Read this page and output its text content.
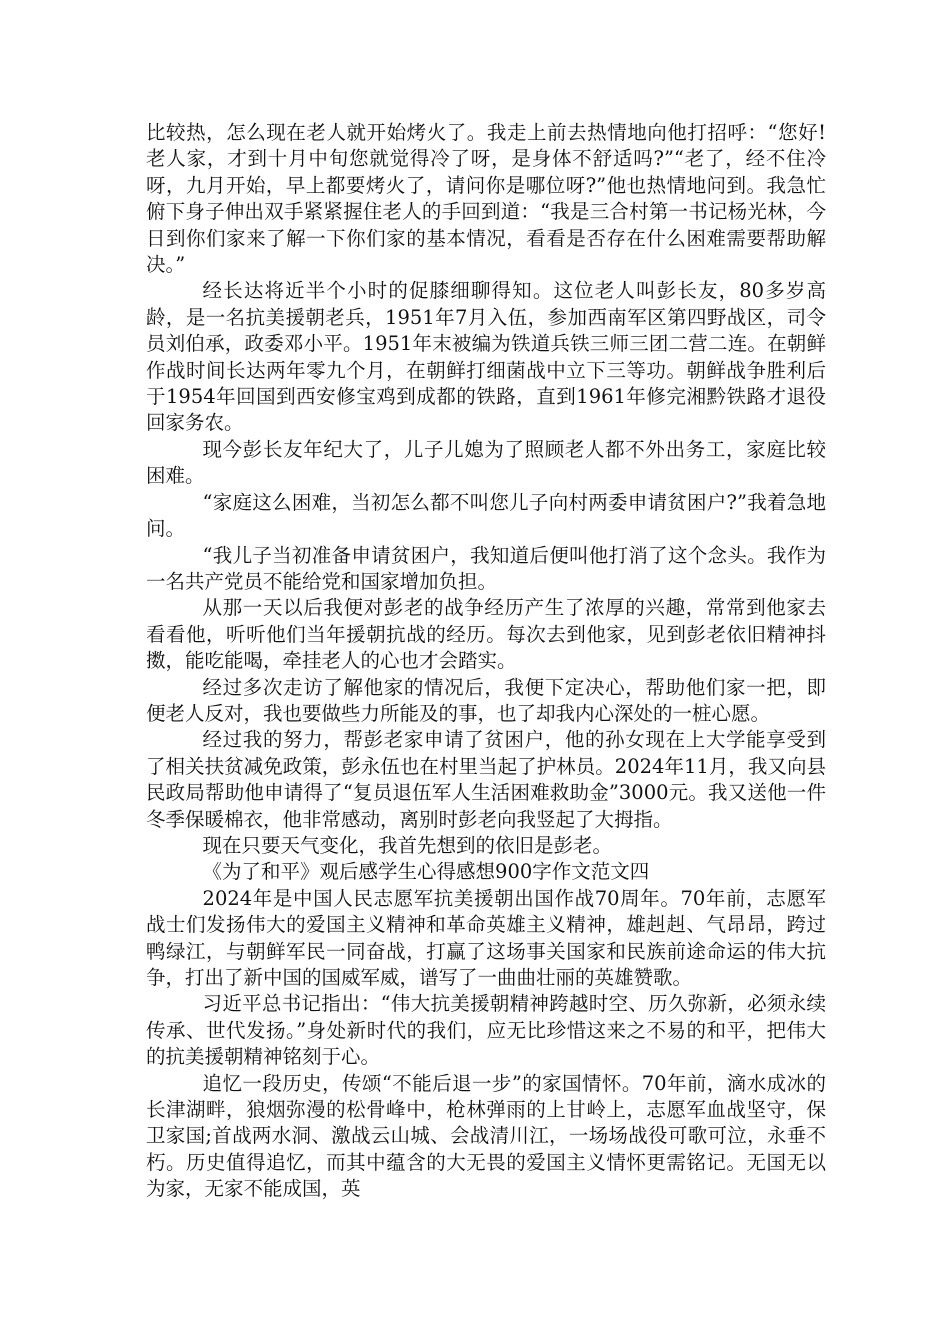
比较热，怎么现在老人就开始烤火了。我走上前去热情地向他打招呼：“您好!老人家，才到十月中旬您就觉得冷了呀，是身体不舒适吗?”“老了，经不住冷呀，九月开始，早上都要烤火了，请问你是哪位呀?”他也热情地问到。我急忙俯下身子伸出双手紧紧握住老人的手回到道：“我是三合村第一书记杨光林，今日到你们家来了解一下你们家的基本情况，看看是否存在什么困难需要帮助解决。”

经长达将近半个小时的促膝细聊得知。这位老人叫彭长友，80多岁高龄，是一名抗美援朝老兵，1951年7月入伍，参加西南军区第四野战区，司令员刘伯承，政委邓小平。1951年末被编为铁道兵铁三师三团二营二连。在朝鲜作战时间长达两年零九个月，在朝鲜打细菌战中立下三等功。朝鲜战争胜利后于1954年回国到西安修宝鸡到成都的铁路，直到1961年修完湘黔铁路才退役回家务农。

现今彭长友年纪大了，儿子儿媳为了照顾老人都不外出务工，家庭比较困难。

“家庭这么困难，当初怎么都不叫您儿子向村两委申请贫困户?”我着急地问。

“我儿子当初准备申请贫困户，我知道后便叫他打消了这个念头。我作为一名共产党员不能给党和国家增加负担。

从那一天以后我便对彭老的战争经历产生了浓厚的兴趣，常常到他家去看看他，听听他们当年援朝抗战的经历。每次去到他家，见到彭老依旧精神抖擞，能吃能喝，牵挂老人的心也才会踏实。

经过多次走访了解他家的情况后，我便下定决心，帮助他们家一把，即便老人反对，我也要做些力所能及的事，也了却我内心深处的一桩心愿。

经过我的努力，帮彭老家申请了贫困户，他的孙女现在上大学能享受到了相关扶贫减免政策，彭永伍也在村里当起了护林员。2024年11月，我又向县民政局帮助他申请得了“复员退伍军人生活困难救助金”3000元。我又送他一件冬季保暖棉衣，他非常感动，离别时彭老向我竖起了大拇指。

现在只要天气变化，我首先想到的依旧是彭老。

《为了和平》观后感学生心得感想900字作文范文四

2024年是中国人民志愿军抗美援朝出国作战70周年。70年前，志愿军战士们发扬伟大的爱国主义精神和革命英雄主义精神，雄赳赳、气昂昂，跨过鸭绿江，与朝鲜军民一同奋战，打赢了这场事关国家和民族前途命运的伟大抗争，打出了新中国的国威军威，谱写了一曲曲壮丽的英雄赞歌。

习近平总书记指出：“伟大抗美援朝精神跨越时空、历久弥新，必须永续传承、世代发扬。”身处新时代的我们，应无比珍惜这来之不易的和平，把伟大的抗美援朝精神铭刻于心。

追忆一段历史，传颂“不能后退一步”的家国情怀。70年前，滴水成冰的长津湖畔，狼烟弥漫的松骨峰中，枪林弹雨的上甘岭上，志愿军血战坚守，保卫家国;首战两水洞、激战云山城、会战清川江，一场场战役可歌可泣，永垂不朽。历史值得追忆，而其中蕴含的大无畏的爱国主义情怀更需铭记。无国无以为家，无家不能成国，英
